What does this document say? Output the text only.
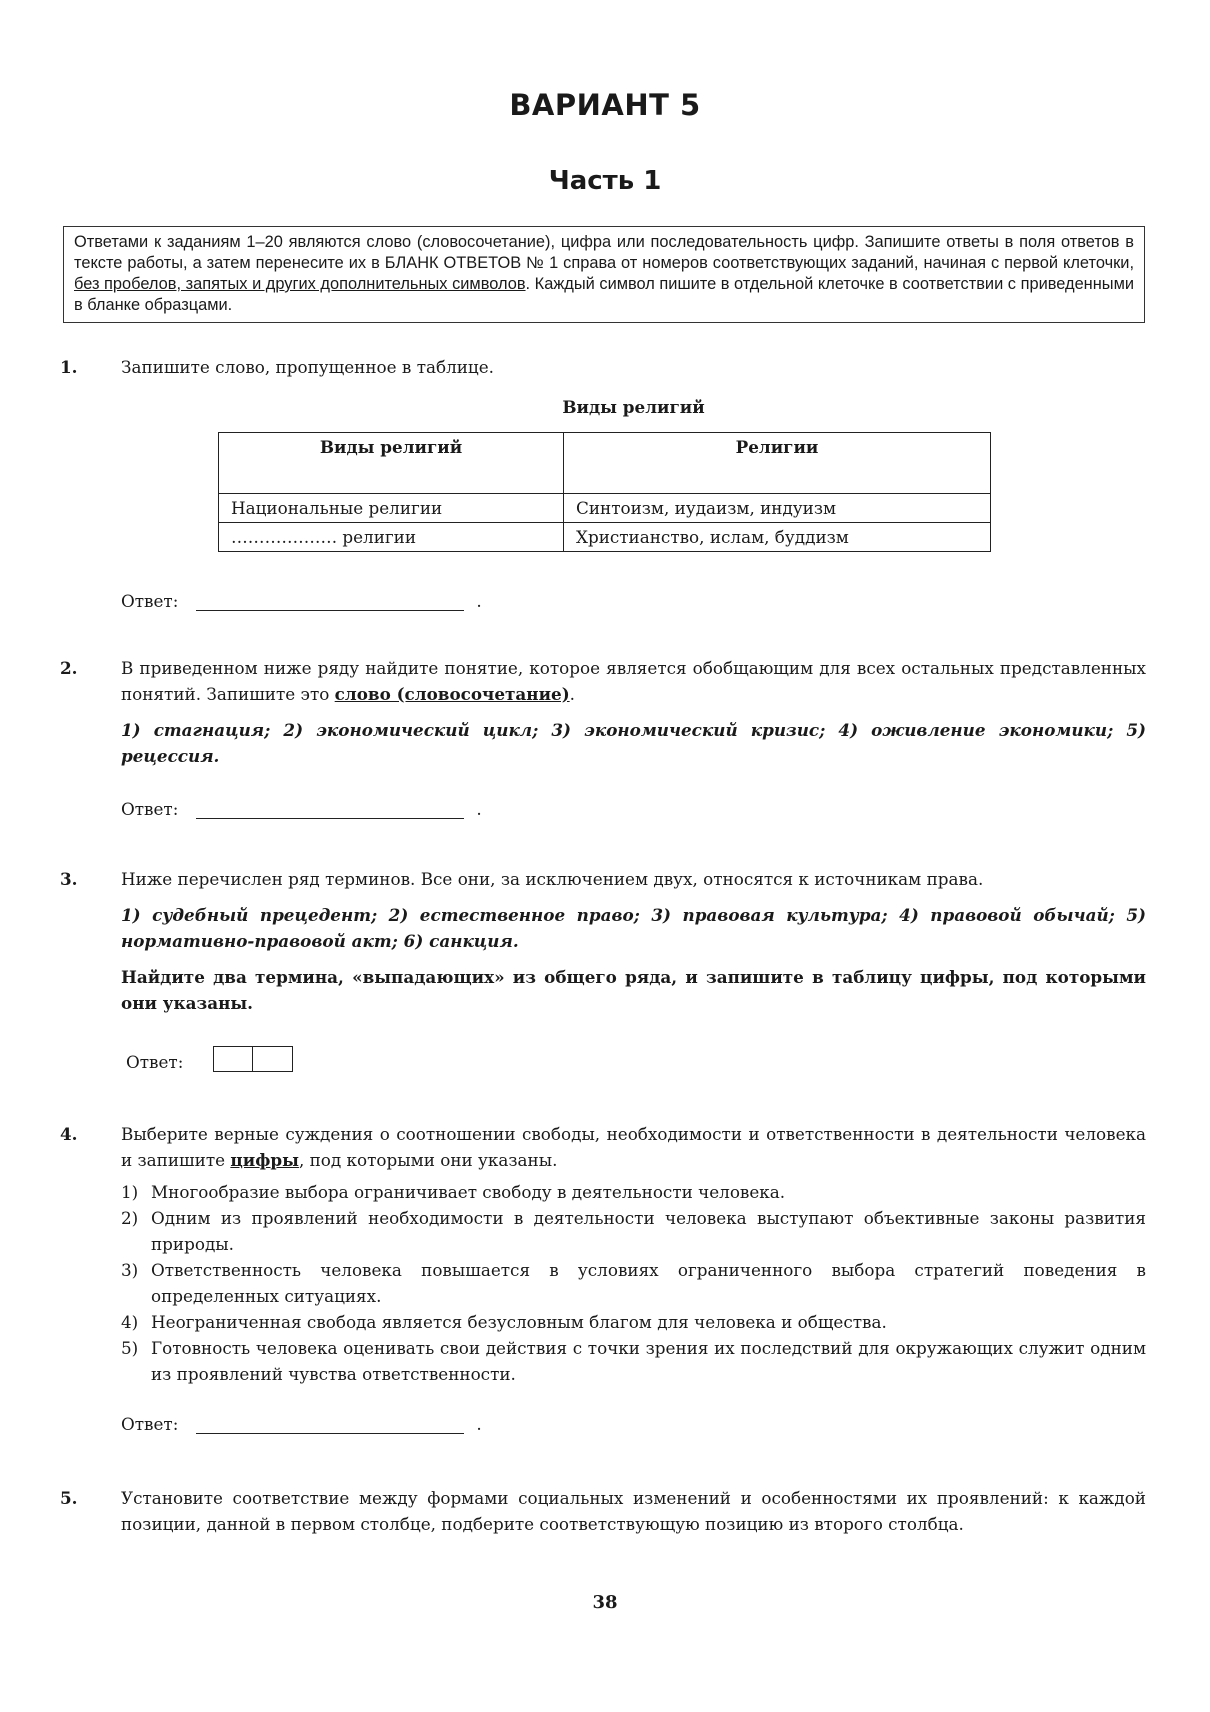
ВАРИАНТ 5
Часть 1
Ответами к заданиям 1–20 являются слово (словосочетание), цифра или последовательность цифр. Запишите ответы в поля ответов в тексте работы, а затем перенесите их в БЛАНК ОТВЕТОВ № 1 справа от номеров соответствующих заданий, начиная с первой клеточки, без пробелов, запятых и других дополнительных символов. Каждый символ пишите в отдельной клеточке в соответствии с приведенными в бланке образцами.
1.	Запишите слово, пропущенное в таблице.

Виды религий

Виды религий	Религии
Национальные религии	Синтоизм, иудаизм, индуизм
………………. религии	Христианство, ислам, буддизм
Ответ:	.
2.	В приведенном ниже ряду найдите понятие, которое является обобщающим для всех остальных представленных понятий. Запишите это слово (словосочетание).

1) стагнация; 2) экономический цикл; 3) экономический кризис; 4) оживление экономики; 5) рецессия.

Ответ:	.
3.	Ниже перечислен ряд терминов. Все они, за исключением двух, относятся к источникам права.

1) судебный прецедент; 2) естественное право; 3) правовая культура; 4) правовой обычай; 5) нормативно-правовой акт; 6) санкция.

Найдите два термина, «выпадающих» из общего ряда, и запишите в таблицу цифры, под которыми они указаны.

Ответ:
4.	Выберите верные суждения о соотношении свободы, необходимости и ответственности в деятельности человека и запишите цифры, под которыми они указаны.

1) Многообразие выбора ограничивает свободу в деятельности человека.
2) Одним из проявлений необходимости в деятельности человека выступают объективные законы развития природы.
3) Ответственность человека повышается в условиях ограниченного выбора стратегий поведения в определенных ситуациях.
4) Неограниченная свобода является безусловным благом для человека и общества.
5) Готовность человека оценивать свои действия с точки зрения их последствий для окружающих служит одним из проявлений чувства ответственности.
Ответ:	.
5.	Установите соответствие между формами социальных изменений и особенностями их проявлений: к каждой позиции, данной в первом столбце, подберите соответствующую позицию из второго столбца.

38
